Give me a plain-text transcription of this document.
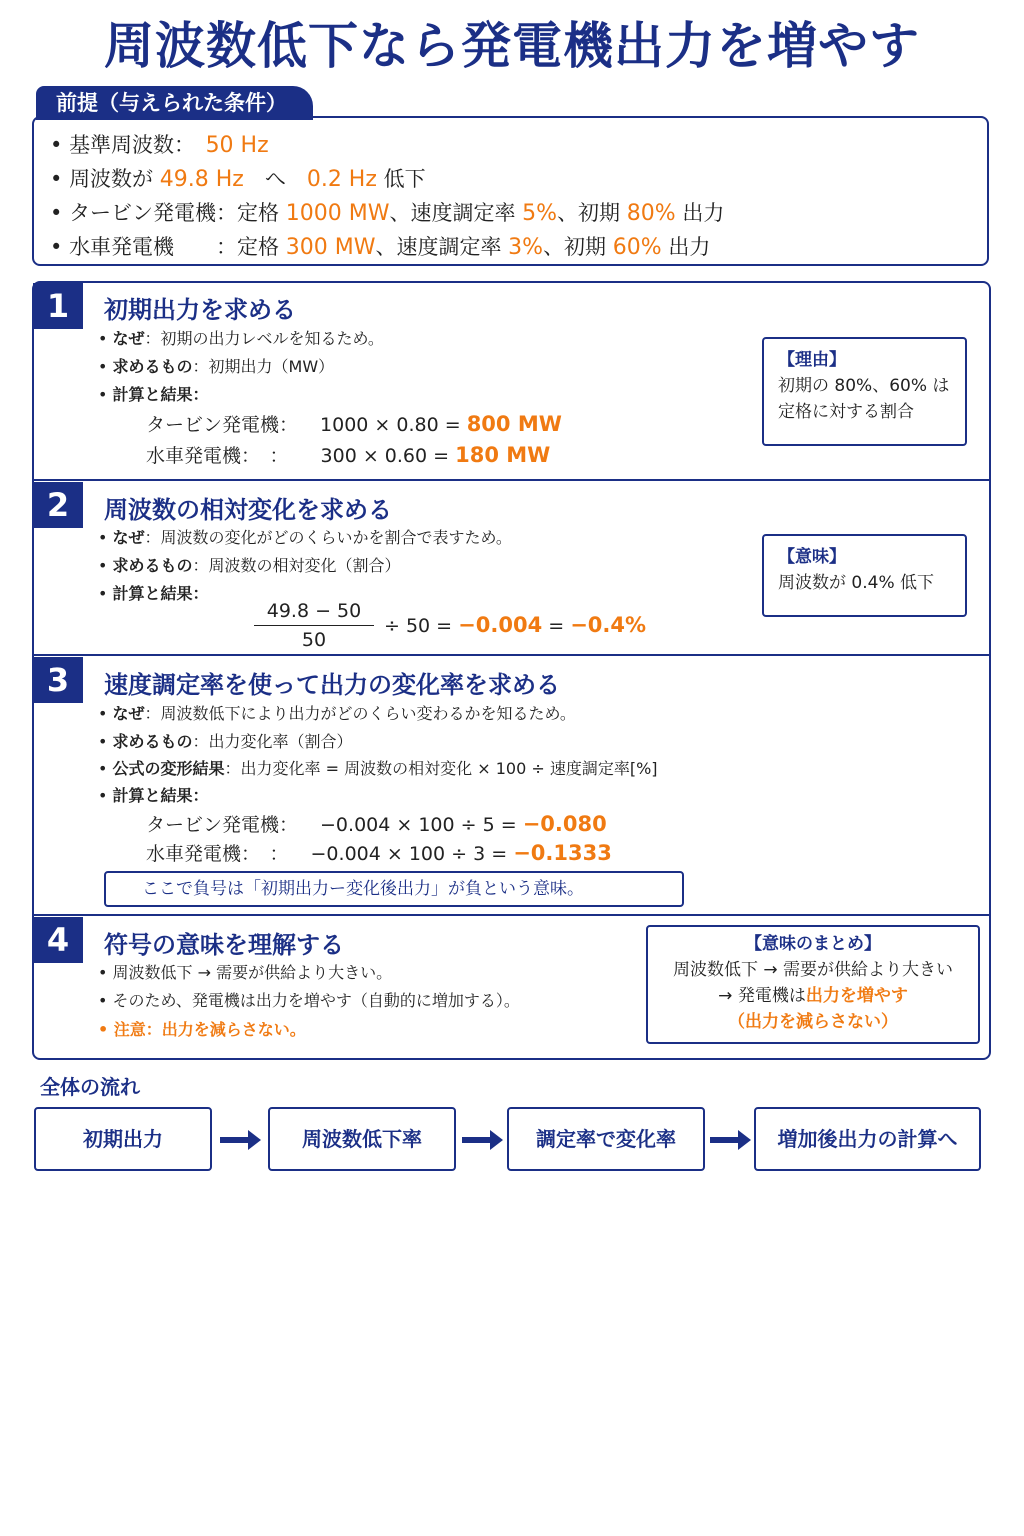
周波数低下なら発電機出力を増やす
前提（与えられた条件）
• 基準周波数：　 50 Hz
• 周波数が 49.8 Hz　 へ　 0.2 Hz 低下
• タービン発電機：定格 1000 MW、速度調定率 5%、初期 80% 出力
• 水車発電機　　：定格 300 MW、速度調定率 3%、初期 60% 出力
1	初期出力を求める
• なぜ：初期の出力レベルを知るため。
• 求めるもの：初期出力（MW）
• 計算と結果：
タービン発電機： 1000 × 0.80 = 800 MW
水車発電機：　： 300 × 0.60 = 180 MW
【理由】
初期の 80%、60% は
定格に対する割合
2	周波数の相対変化を求める
• なぜ：周波数の変化がどのくらいかを割合で表すため。
• 求めるもの：周波数の相対変化（割合）
• 計算と結果：
49.8 − 50
50
÷ 50 = −0.004 = −0.4%
【意味】
周波数が 0.4% 低下
3	速度調定率を使って出力の変化率を求める
• なぜ：周波数低下により出力がどのくらい変わるかを知るため。
• 求めるもの：出力変化率（割合）
• 公式の変形結果：出力変化率 = 周波数の相対変化 × 100 ÷ 速度調定率[%]
• 計算と結果：
タービン発電機： −0.004 × 100 ÷ 5 = −0.080
水車発電機：　： −0.004 × 100 ÷ 3 = −0.1333
ここで負号は「初期出力ー変化後出力」が負という意味。
4	符号の意味を理解する
• 周波数低下 → 需要が供給より大きい。
• そのため、発電機は出力を増やす（自動的に増加する）。
• 注意：出力を減らさない。
【意味のまとめ】
周波数低下 → 需要が供給より大きい
→ 発電機は出力を増やす
（出力を減らさない）
全体の流れ
初期出力	周波数低下率	調定率で変化率	増加後出力の計算へ
